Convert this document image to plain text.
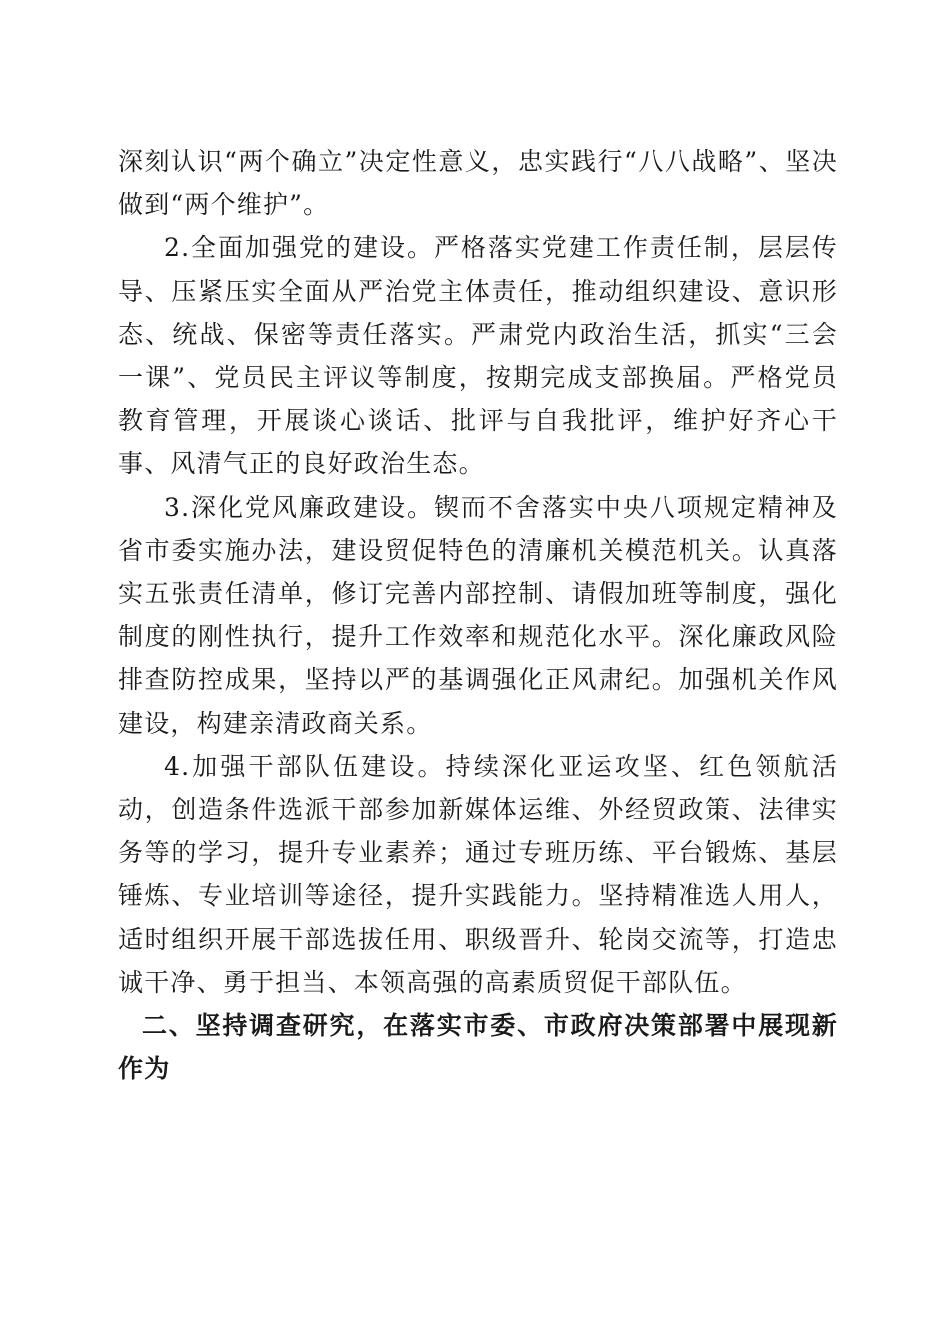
深刻认识“两个确立”决定性意义，忠实践行“八八战略”、坚决做到“两个维护”。

2.全面加强党的建设。严格落实党建工作责任制，层层传导、压紧压实全面从严治党主体责任，推动组织建设、意识形态、统战、保密等责任落实。严肃党内政治生活，抓实“三会一课”、党员民主评议等制度，按期完成支部换届。严格党员教育管理，开展谈心谈话、批评与自我批评，维护好齐心干事、风清气正的良好政治生态。

3.深化党风廉政建设。锲而不舍落实中央八项规定精神及省市委实施办法，建设贸促特色的清廉机关模范机关。认真落实五张责任清单，修订完善内部控制、请假加班等制度，强化制度的刚性执行，提升工作效率和规范化水平。深化廉政风险排查防控成果，坚持以严的基调强化正风肃纪。加强机关作风建设，构建亲清政商关系。

4.加强干部队伍建设。持续深化亚运攻坚、红色领航活动，创造条件选派干部参加新媒体运维、外经贸政策、法律实务等的学习，提升专业素养；通过专班历练、平台锻炼、基层锤炼、专业培训等途径，提升实践能力。坚持精准选人用人，适时组织开展干部选拔任用、职级晋升、轮岗交流等，打造忠诚干净、勇于担当、本领高强的高素质贸促干部队伍。

二、坚持调查研究，在落实市委、市政府决策部署中展现新作为
